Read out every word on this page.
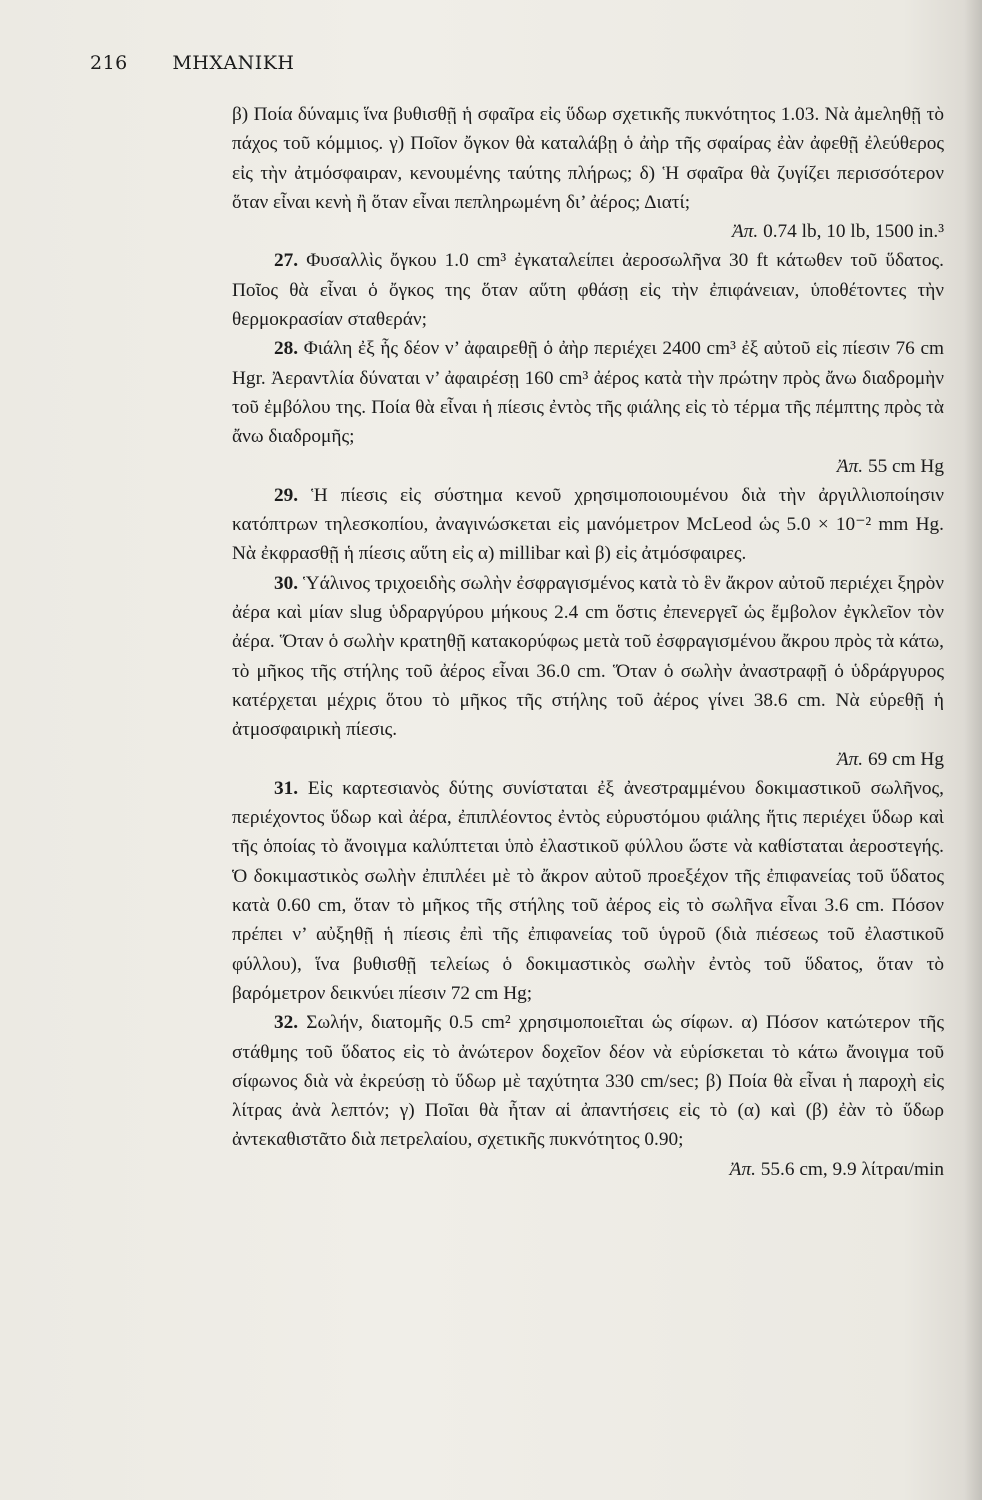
216 ΜΗΧΑΝΙΚΗ

β) Ποία δύναμις ἵνα βυθισθῇ ἡ σφαῖρα εἰς ὕδωρ σχετικῆς πυκνότητος 1.03. Νὰ ἀμεληθῇ τὸ πάχος τοῦ κόμμιος. γ) Ποῖον ὄγκον θὰ καταλάβῃ ὁ ἀὴρ τῆς σφαίρας ἐὰν ἀφεθῇ ἐλεύθερος εἰς τὴν ἀτμόσφαιραν, κενουμένης ταύτης πλήρως; δ) Ἡ σφαῖρα θὰ ζυγίζει περισσότερον ὅταν εἶναι κενὴ ἢ ὅταν εἶναι πεπληρωμένη δι’ ἀέρος; Διατί;

Ἀπ. 0.74 lb, 10 lb, 1500 in.³

27. Φυσαλλὶς ὄγκου 1.0 cm³ ἐγκαταλείπει ἀεροσωλῆνα 30 ft κάτωθεν τοῦ ὕδατος. Ποῖος θὰ εἶναι ὁ ὄγκος της ὅταν αὕτη φθάσῃ εἰς τὴν ἐπιφάνειαν, ὑποθέτοντες τὴν θερμοκρασίαν σταθεράν;

28. Φιάλη ἐξ ἧς δέον ν’ ἀφαιρεθῇ ὁ ἀὴρ περιέχει 2400 cm³ ἐξ αὐτοῦ εἰς πίεσιν 76 cm Hgr. Ἀεραντλία δύναται ν’ ἀφαιρέσῃ 160 cm³ ἀέρος κατὰ τὴν πρώτην πρὸς ἄνω διαδρομὴν τοῦ ἐμβόλου της. Ποία θὰ εἶναι ἡ πίεσις ἐντὸς τῆς φιάλης εἰς τὸ τέρμα τῆς πέμπτης πρὸς τὰ ἄνω διαδρομῆς;

Ἀπ. 55 cm Hg

29. Ἡ πίεσις εἰς σύστημα κενοῦ χρησιμοποιουμένου διὰ τὴν ἀργιλλιοποίησιν κατόπτρων τηλεσκοπίου, ἀναγινώσκεται εἰς μανόμετρον McLeod ὡς 5.0 × 10⁻² mm Hg. Νὰ ἐκφρασθῇ ἡ πίεσις αὕτη εἰς α) millibar καὶ β) εἰς ἀτμόσφαιρες.

30. Ὑάλινος τριχοειδὴς σωλὴν ἐσφραγισμένος κατὰ τὸ ἓν ἄκρον αὐτοῦ περιέχει ξηρὸν ἀέρα καὶ μίαν slug ὑδραργύρου μήκους 2.4 cm ὅστις ἐπενεργεῖ ὡς ἔμβολον ἐγκλεῖον τὸν ἀέρα. Ὅταν ὁ σωλὴν κρατηθῇ κατακορύφως μετὰ τοῦ ἐσφραγισμένου ἄκρου πρὸς τὰ κάτω, τὸ μῆκος τῆς στήλης τοῦ ἀέρος εἶναι 36.0 cm. Ὅταν ὁ σωλὴν ἀναστραφῇ ὁ ὑδράργυρος κατέρχεται μέχρις ὅτου τὸ μῆκος τῆς στήλης τοῦ ἀέρος γίνει 38.6 cm. Νὰ εὑρεθῇ ἡ ἀτμοσφαιρικὴ πίεσις.

Ἀπ. 69 cm Hg

31. Εἰς καρτεσιανὸς δύτης συνίσταται ἐξ ἀνεστραμμένου δοκιμαστικοῦ σωλῆνος, περιέχοντος ὕδωρ καὶ ἀέρα, ἐπιπλέοντος ἐντὸς εὐρυστόμου φιάλης ἥτις περιέχει ὕδωρ καὶ τῆς ὁποίας τὸ ἄνοιγμα καλύπτεται ὑπὸ ἐλαστικοῦ φύλλου ὥστε νὰ καθίσταται ἀεροστεγής. Ὁ δοκιμαστικὸς σωλὴν ἐπιπλέει μὲ τὸ ἄκρον αὐτοῦ προεξέχον τῆς ἐπιφανείας τοῦ ὕδατος κατὰ 0.60 cm, ὅταν τὸ μῆκος τῆς στήλης τοῦ ἀέρος εἰς τὸ σωλῆνα εἶναι 3.6 cm. Πόσον πρέπει ν’ αὐξηθῇ ἡ πίεσις ἐπὶ τῆς ἐπιφανείας τοῦ ὑγροῦ (διὰ πιέσεως τοῦ ἐλαστικοῦ φύλλου), ἵνα βυθισθῇ τελείως ὁ δοκιμαστικὸς σωλὴν ἐντὸς τοῦ ὕδατος, ὅταν τὸ βαρόμετρον δεικνύει πίεσιν 72 cm Hg;

32. Σωλήν, διατομῆς 0.5 cm² χρησιμοποιεῖται ὡς σίφων. α) Πόσον κατώτερον τῆς στάθμης τοῦ ὕδατος εἰς τὸ ἀνώτερον δοχεῖον δέον νὰ εὑρίσκεται τὸ κάτω ἄνοιγμα τοῦ σίφωνος διὰ νὰ ἐκρεύσῃ τὸ ὕδωρ μὲ ταχύτητα 330 cm/sec; β) Ποία θὰ εἶναι ἡ παροχὴ εἰς λίτρας ἀνὰ λεπτόν; γ) Ποῖαι θὰ ἦταν αἱ ἀπαντήσεις εἰς τὸ (α) καὶ (β) ἐὰν τὸ ὕδωρ ἀντεκαθιστᾶτο διὰ πετρελαίου, σχετικῆς πυκνότητος 0.90;

Ἀπ. 55.6 cm, 9.9 λίτραι/min
